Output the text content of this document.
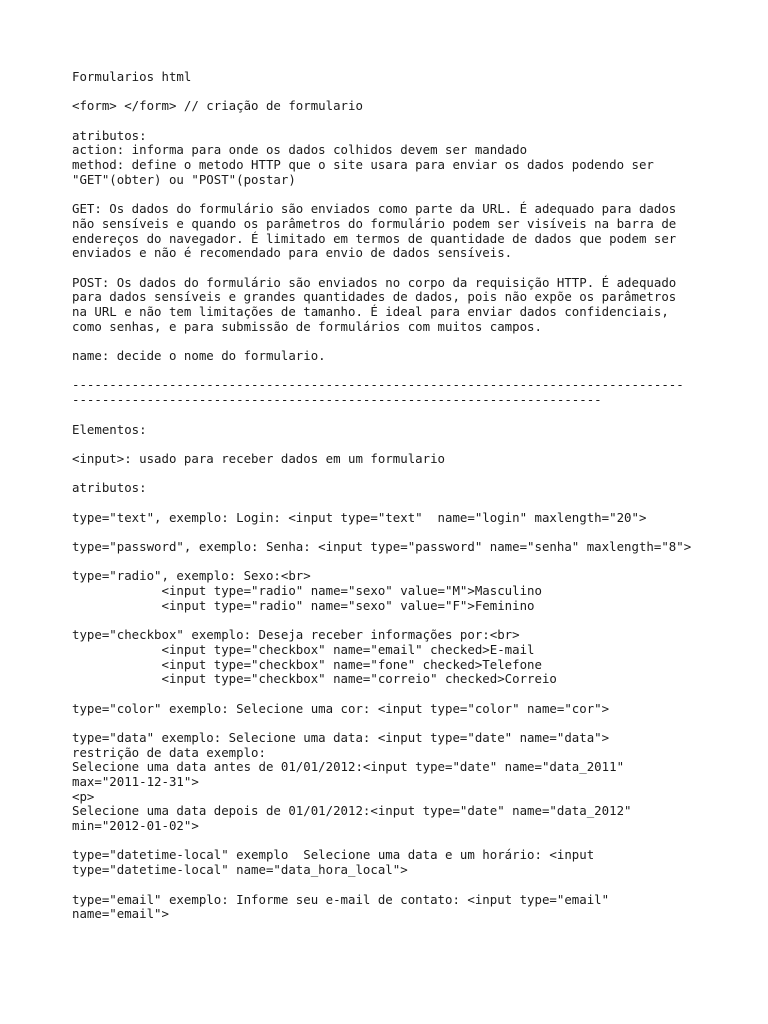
Formularios html
<form> </form> // criação de formulario
atributos:
action: informa para onde os dados colhidos devem ser mandado
method: define o metodo HTTP que o site usara para enviar os dados podendo ser
"GET"(obter) ou "POST"(postar)
GET: Os dados do formulário são enviados como parte da URL. É adequado para dados
não sensíveis e quando os parâmetros do formulário podem ser visíveis na barra de
endereços do navegador. É limitado em termos de quantidade de dados que podem ser
enviados e não é recomendado para envio de dados sensíveis.
POST: Os dados do formulário são enviados no corpo da requisição HTTP. É adequado
para dados sensíveis e grandes quantidades de dados, pois não expõe os parâmetros
na URL e não tem limitações de tamanho. É ideal para enviar dados confidenciais,
como senhas, e para submissão de formulários com muitos campos.
name: decide o nome do formulario.
----------------------------------------------------------------------------------
-----------------------------------------------------------------------
Elementos:
<input>: usado para receber dados em um formulario
atributos:
type="text", exemplo: Login: <input type="text"  name="login" maxlength="20">
type="password", exemplo: Senha: <input type="password" name="senha" maxlength="8">
type="radio", exemplo: Sexo:<br>
<input type="radio" name="sexo" value="M">Masculino
<input type="radio" name="sexo" value="F">Feminino
type="checkbox" exemplo: Deseja receber informações por:<br>
<input type="checkbox" name="email" checked>E-mail
<input type="checkbox" name="fone" checked>Telefone
<input type="checkbox" name="correio" checked>Correio
type="color" exemplo: Selecione uma cor: <input type="color" name="cor">
type="data" exemplo: Selecione uma data: <input type="date" name="data">
restrição de data exemplo:
Selecione uma data antes de 01/01/2012:<input type="date" name="data_2011"
max="2011-12-31">
<p>
Selecione uma data depois de 01/01/2012:<input type="date" name="data_2012"
min="2012-01-02">
type="datetime-local" exemplo  Selecione uma data e um horário: <input
type="datetime-local" name="data_hora_local">
type="email" exemplo: Informe seu e-mail de contato: <input type="email"
name="email">
